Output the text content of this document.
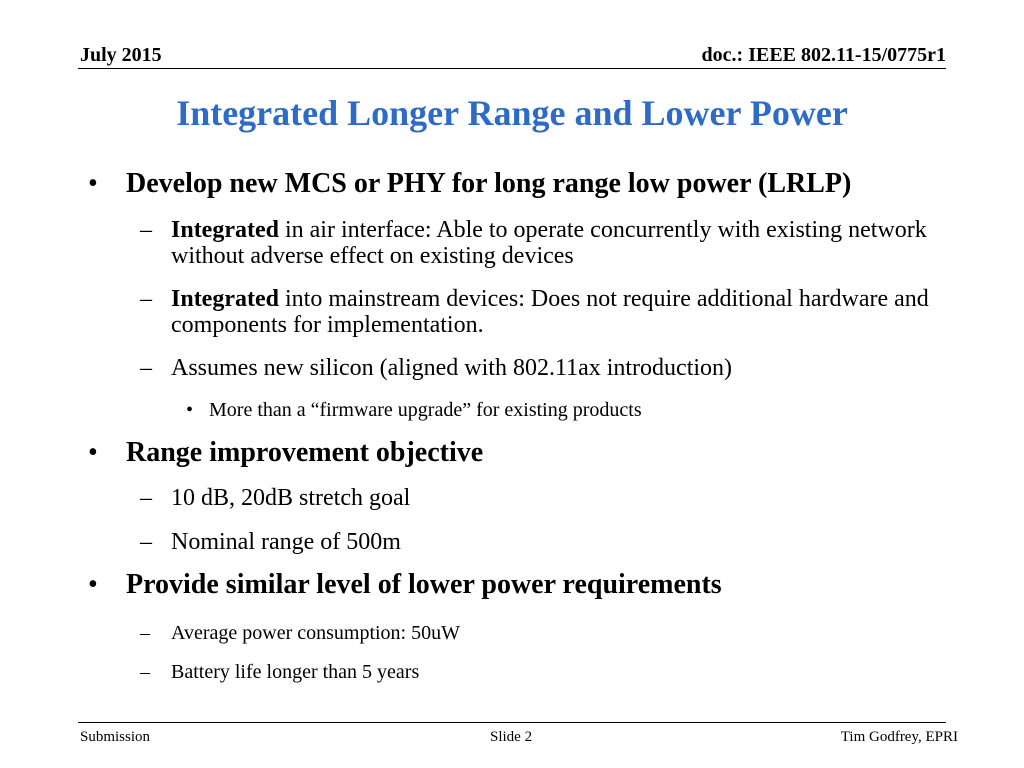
July 2015	doc.: IEEE 802.11-15/0775r1
Integrated Longer Range and Lower Power
• Develop new MCS or PHY for long range low power (LRLP)
– Integrated in air interface: Able to operate concurrently with existing network without adverse effect on existing devices
– Integrated into mainstream devices: Does not require additional hardware and components for implementation.
– Assumes new silicon (aligned with 802.11ax introduction)
• More than a “firmware upgrade” for existing products
• Range improvement objective
– 10 dB, 20dB stretch goal
– Nominal range of 500m
• Provide similar level of lower power requirements
– Average power consumption: 50uW
– Battery life longer than 5 years
Submission	Slide 2	Tim Godfrey, EPRI
